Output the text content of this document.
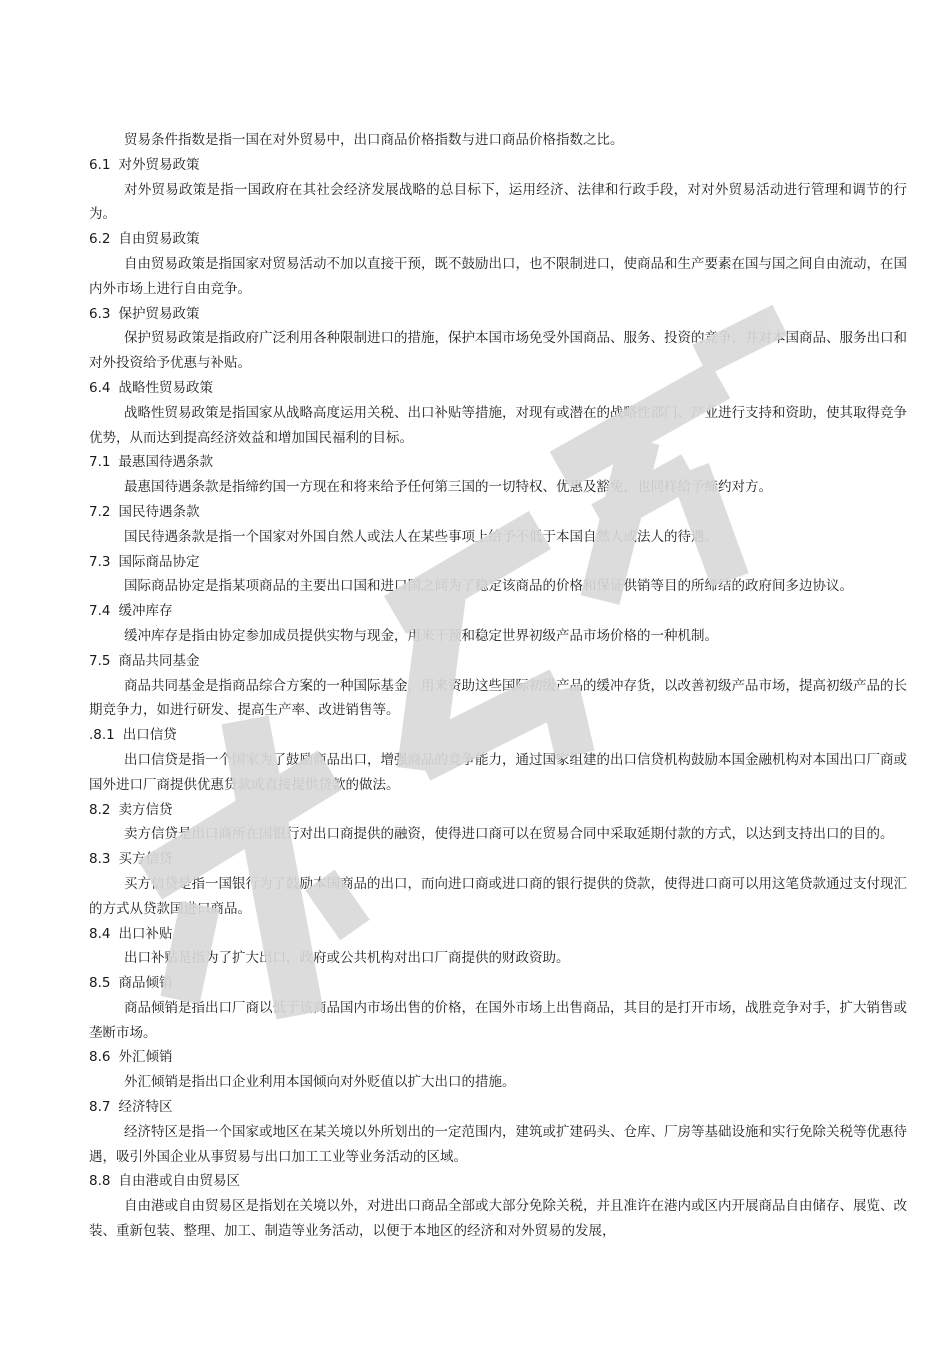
贸易条件指数是指一国在对外贸易中，出口商品价格指数与进口商品价格指数之比。

6.1 对外贸易政策
对外贸易政策是指一国政府在其社会经济发展战略的总目标下，运用经济、法律和行政手段，对对外贸易活动进行管理和调节的行为。
6.2 自由贸易政策
自由贸易政策是指国家对贸易活动不加以直接干预，既不鼓励出口，也不限制进口，使商品和生产要素在国与国之间自由流动，在国内外市场上进行自由竞争。
6.3 保护贸易政策
保护贸易政策是指政府广泛利用各种限制进口的措施，保护本国市场免受外国商品、服务、投资的竞争，并对本国商品、服务出口和对外投资给予优惠与补贴。
6.4 战略性贸易政策
战略性贸易政策是指国家从战略高度运用关税、出口补贴等措施，对现有或潜在的战略性部门、产业进行支持和资助，使其取得竞争优势，从而达到提高经济效益和增加国民福利的目标。
7.1 最惠国待遇条款
最惠国待遇条款是指缔约国一方现在和将来给予任何第三国的一切特权、优惠及豁免，也同样给予缔约对方。
7.2 国民待遇条款
国民待遇条款是指一个国家对外国自然人或法人在某些事项上给予不低于本国自然人或法人的待遇。
7.3 国际商品协定
国际商品协定是指某项商品的主要出口国和进口国之间为了稳定该商品的价格和保证供销等目的所缔结的政府间多边协议。
7.4 缓冲库存
缓冲库存是指由协定参加成员提供实物与现金，用来干预和稳定世界初级产品市场价格的一种机制。
7.5 商品共同基金
商品共同基金是指商品综合方案的一种国际基金，用来资助这些国际初级产品的缓冲存货，以改善初级产品市场，提高初级产品的长期竞争力，如进行研发、提高生产率、改进销售等。
.8.1 出口信贷
出口信贷是指一个国家为了鼓励商品出口，增强商品的竞争能力，通过国家组建的出口信贷机构鼓励本国金融机构对本国出口厂商或国外进口厂商提供优惠贷款或直接提供贷款的做法。
8.2 卖方信贷
卖方信贷是出口商所在国银行对出口商提供的融资，使得进口商可以在贸易合同中采取延期付款的方式，以达到支持出口的目的。
8.3 买方信贷
买方信贷是指一国银行为了鼓励本国商品的出口，而向进口商或进口商的银行提供的贷款，使得进口商可以用这笔贷款通过支付现汇的方式从贷款国进口商品。
8.4 出口补贴
出口补贴是指为了扩大出口，政府或公共机构对出口厂商提供的财政资助。
8.5 商品倾销
商品倾销是指出口厂商以低于该商品国内市场出售的价格，在国外市场上出售商品，其目的是打开市场，战胜竞争对手，扩大销售或垄断市场。
8.6 外汇倾销
外汇倾销是指出口企业利用本国倾向对外贬值以扩大出口的措施。
8.7 经济特区
经济特区是指一个国家或地区在某关境以外所划出的一定范围内，建筑或扩建码头、仓库、厂房等基础设施和实行免除关税等优惠待遇，吸引外国企业从事贸易与出口加工工业等业务活动的区域。
8.8 自由港或自由贸易区
自由港或自由贸易区是指划在关境以外，对进出口商品全部或大部分免除关税，并且准许在港内或区内开展商品自由储存、展览、改装、重新包装、整理、加工、制造等业务活动，以便于本地区的经济和对外贸易的发展，
